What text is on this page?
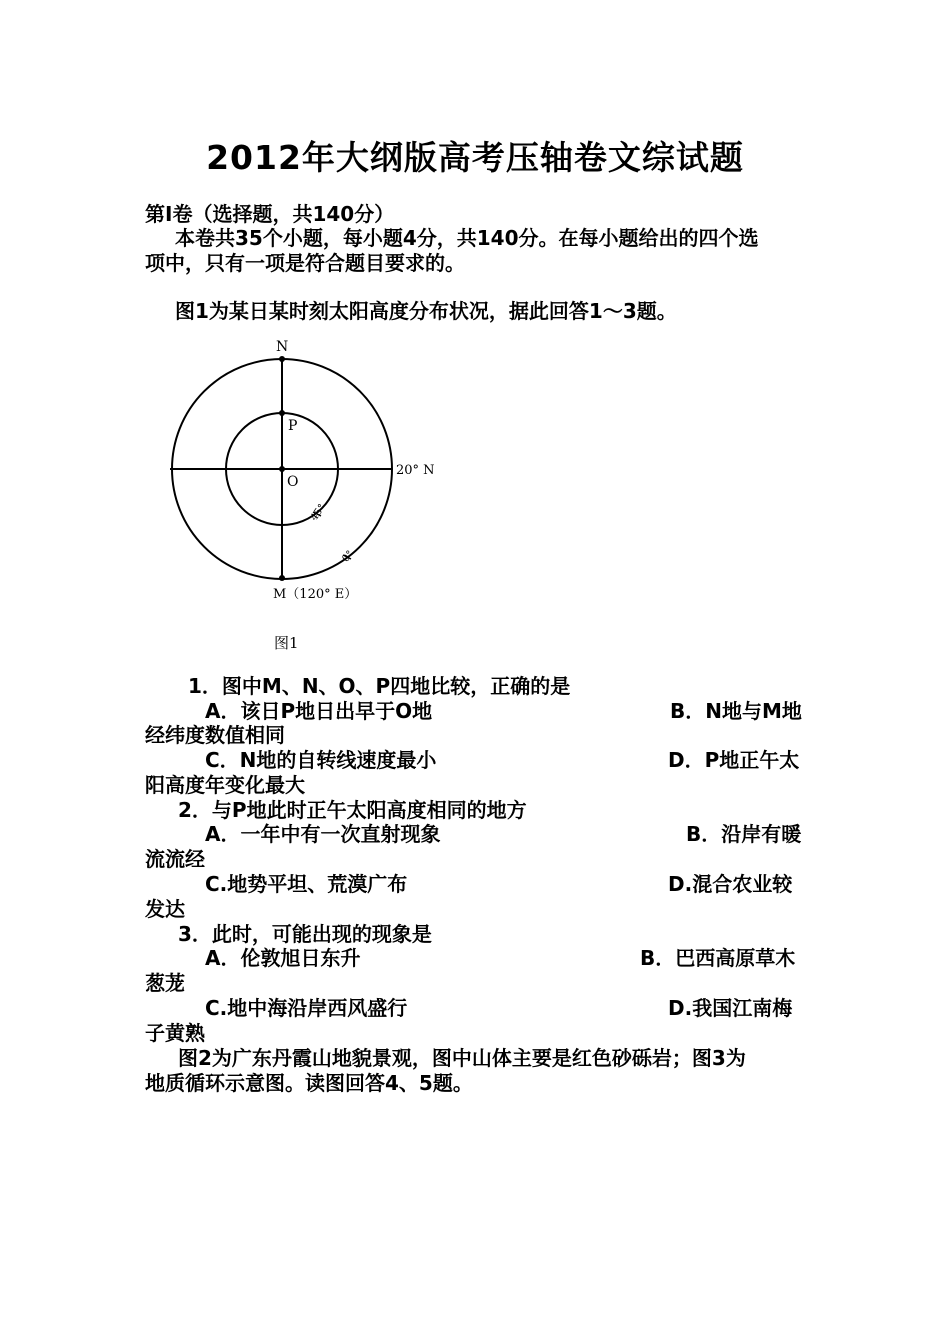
2012年大纲版高考压轴卷文综试题
第Ⅰ卷（选择题，共140分）
本卷共35个小题，每小题4分，共140分。在每小题给出的四个选
项中，只有一项是符合题目要求的。
图1为某日某时刻太阳高度分布状况，据此回答1～3题。
N
P
O
20° N
M（120° E）
45°
0°
图1
1．图中M、N、O、P四地比较，正确的是
A．该日P地日出早于O地	B．N地与M地
经纬度数值相同
C．N地的自转线速度最小	D．P地正午太
阳高度年变化最大
2．与P地此时正午太阳高度相同的地方
A．一年中有一次直射现象	B．沿岸有暖
流流经
C.地势平坦、荒漠广布	D.混合农业较
发达
3．此时，可能出现的现象是
A．伦敦旭日东升	B．巴西高原草木
葱茏
C.地中海沿岸西风盛行	D.我国江南梅
子黄熟
图2为广东丹霞山地貌景观，图中山体主要是红色砂砾岩；图3为
地质循环示意图。读图回答4、5题。
